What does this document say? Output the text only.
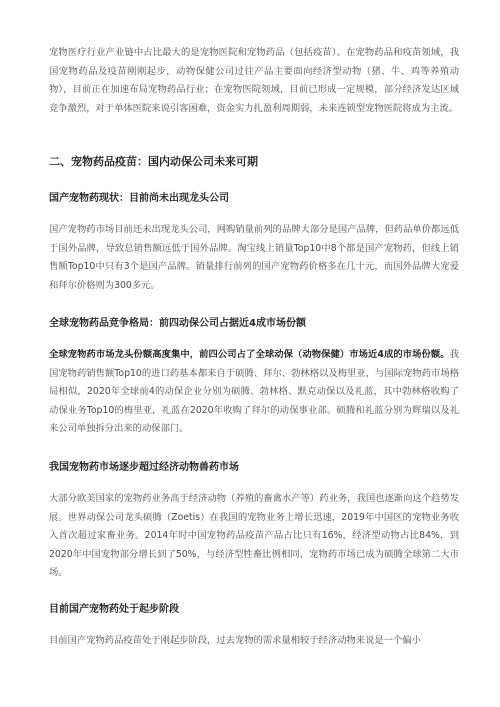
宠物医疗行业产业链中占比最大的是宠物医院和宠物药品（包括疫苗）。在宠物药品和疫苗领域，我国宠物药品及疫苗刚刚起步，动物保健公司过往产品主要面向经济型动物（猪、牛、鸡等养殖动物），目前正在加速布局宠物药品行业；在宠物医院领域，目前已形成一定规模，部分经济发达区域竞争激烈，对于单体医院来说引客困难，资金实力扎盈利周期弱，未来连锁型宠物医院将成为主流。

二、宠物药品疫苗：国内动保公司未来可期
国产宠物药现状：目前尚未出现龙头公司

国产宠物药市场目前还未出现龙头公司，网购销量前列的品牌大部分是国产品牌，但药品单价都远低于国外品牌，导致总销售额远低于国外品牌。淘宝线上销量Top10中8个都是国产宠物药，但线上销售额Top10中只有3个是国产品牌。销量排行前列的国产宠物药价格多在几十元，而国外品牌大宠爱和拜尔价格则为300多元。

全球宠物药品竞争格局：前四动保公司占据近4成市场份额

全球宠物药市场龙头份额高度集中，前四公司占了全球动保（动物保健）市场近4成的市场份额。我国宠物药销售额Top10的进口药基本都来自于硕腾、拜尔、勃林格以及梅里亚，与国际宠物药市场格局相似，2020年全球前4的动保企业分别为硕腾、勃林格、默克动保以及礼蓝，其中勃林格收购了动保业务Top10的梅里亚，礼蓝在2020年收购了拜尔的动保事业部。硕腾和礼蓝分别为辉瑞以及礼来公司单独拆分出来的动保部门。

我国宠物药市场逐步超过经济动物兽药市场

大部分欧美国家的宠物药业务高于经济动物（养殖的畜禽水产等）药业务，我国也逐渐向这个趋势发展。世界动保公司龙头硕腾（Zoetis）在我国的宠物业务上增长迅速，2019年中国区的宠物业务收入首次超过家畜业务。2014年时中国宠物药品疫苗产品占比只有16%，经济型动物占比84%，到2020年中国宠物部分增长到了50%，与经济型牲畜比例相同，宠物药市场已成为硕腾全球第二大市场。

目前国产宠物药处于起步阶段

目前国产宠物药品疫苗处于刚起步阶段，过去宠物的需求量相较于经济动物来说是一个偏小
